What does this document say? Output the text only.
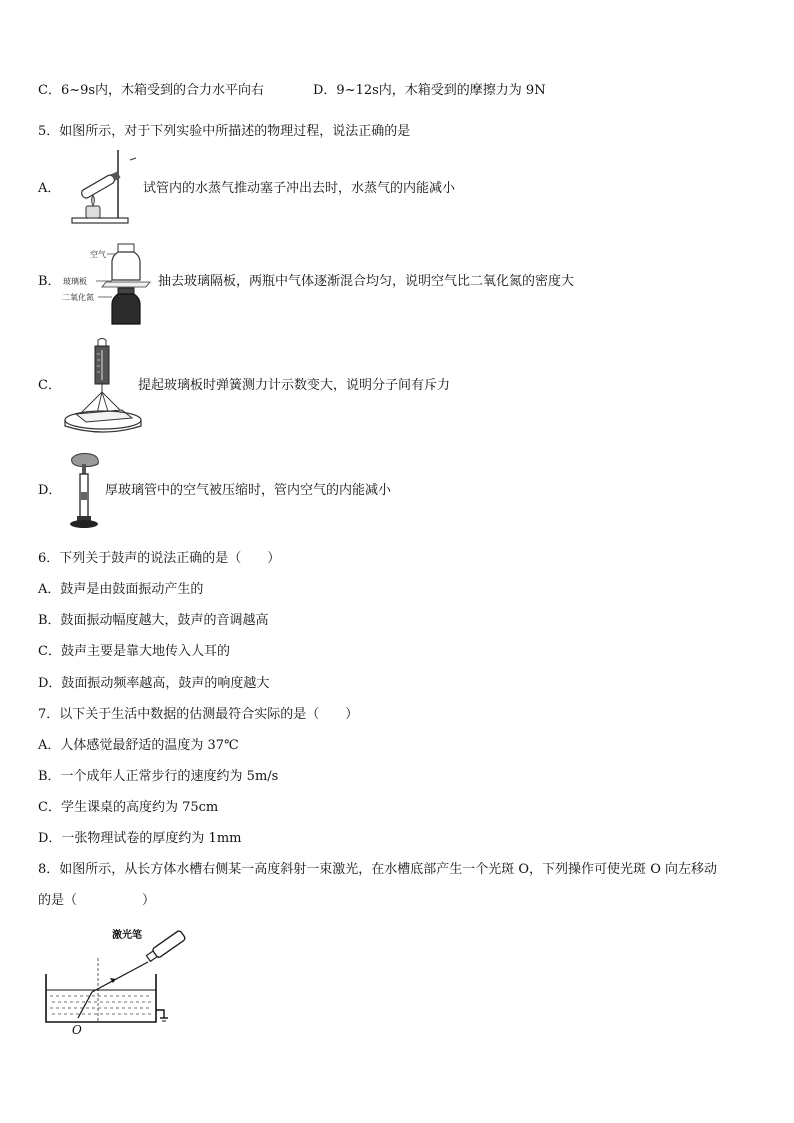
C．6~9s内，木箱受到的合力水平向右	D．9~12s内，木箱受到的摩擦力为 9N
5．如图所示，对于下列实验中所描述的物理过程，说法正确的是
A．	试管内的水蒸气推动塞子冲出去时，水蒸气的内能减小
B．
空气
玻璃板
二氧化氮
抽去玻璃隔板，两瓶中气体逐渐混合均匀，说明空气比二氧化氮的密度大
C．	提起玻璃板时弹簧测力计示数变大，说明分子间有斥力
D．	厚玻璃管中的空气被压缩时，管内空气的内能减小
6．下列关于鼓声的说法正确的是（　　）
A．鼓声是由鼓面振动产生的
B．鼓面振动幅度越大，鼓声的音调越高
C．鼓声主要是靠大地传入人耳的
D．鼓面振动频率越高，鼓声的响度越大
7．以下关于生活中数据的估测最符合实际的是（　　）
A．人体感觉最舒适的温度为 37℃
B．一个成年人正常步行的速度约为 5m/s
C．学生课桌的高度约为 75cm
D．一张物理试卷的厚度约为 1mm
8．如图所示，从长方体水槽右侧某一高度斜射一束激光，在水槽底部产生一个光斑 O，下列操作可使光斑 O 向左移动
的是（　　　　　）
激光笔
O
